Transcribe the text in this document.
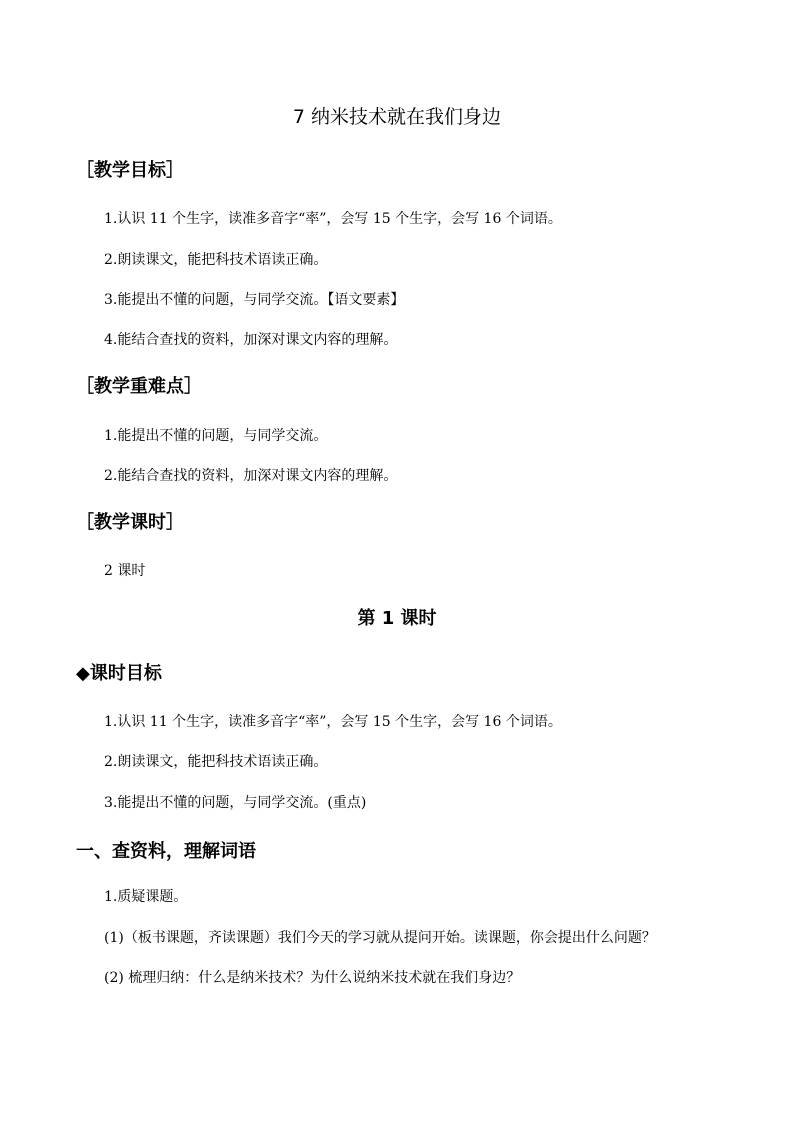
7 纳米技术就在我们身边
［教学目标］
1.认识 11 个生字，读准多音字“率”，会写 15 个生字，会写 16 个词语。
2.朗读课文，能把科技术语读正确。
3.能提出不懂的问题，与同学交流。【语文要素】
4.能结合查找的资料，加深对课文内容的理解。
［教学重难点］
1.能提出不懂的问题，与同学交流。
2.能结合查找的资料，加深对课文内容的理解。
［教学课时］
2 课时
第 1 课时
◆课时目标
1.认识 11 个生字，读准多音字“率”，会写 15 个生字，会写 16 个词语。
2.朗读课文，能把科技术语读正确。
3.能提出不懂的问题，与同学交流。(重点)
一、查资料，理解词语
1.质疑课题。
(1)（板书课题，齐读课题）我们今天的学习就从提问开始。读课题，你会提出什么问题？
(2) 梳理归纳：什么是纳米技术？为什么说纳米技术就在我们身边？
